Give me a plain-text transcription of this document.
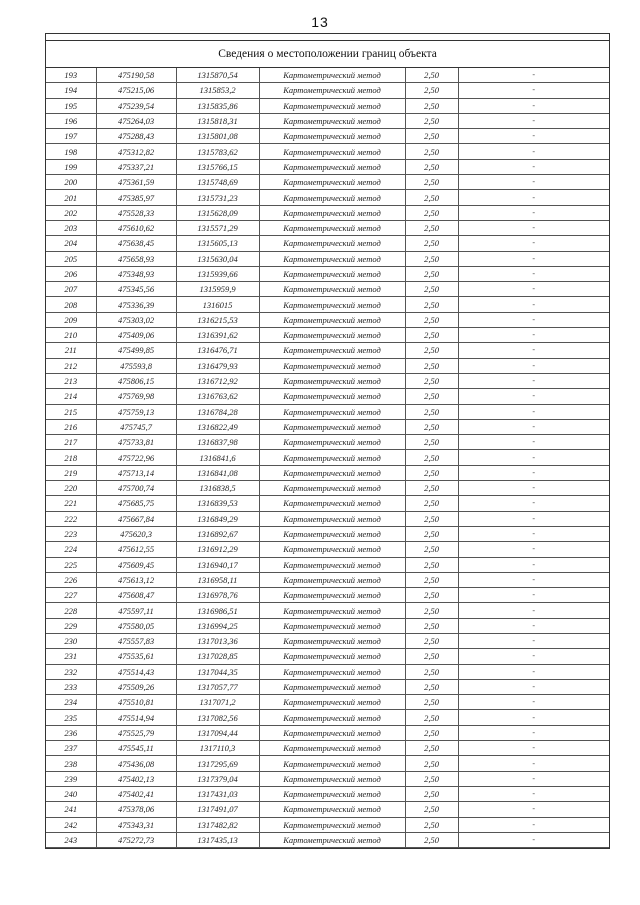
13
Сведения о местоположении границ объекта
193	475190,58	1315870,54	Картометрический метод	2,50	-
194	475215,06	1315853,2	Картометрический метод	2,50	-
195	475239,54	1315835,86	Картометрический метод	2,50	-
196	475264,03	1315818,31	Картометрический метод	2,50	-
197	475288,43	1315801,08	Картометрический метод	2,50	-
198	475312,82	1315783,62	Картометрический метод	2,50	-
199	475337,21	1315766,15	Картометрический метод	2,50	-
200	475361,59	1315748,69	Картометрический метод	2,50	-
201	475385,97	1315731,23	Картометрический метод	2,50	-
202	475528,33	1315628,09	Картометрический метод	2,50	-
203	475610,62	1315571,29	Картометрический метод	2,50	-
204	475638,45	1315605,13	Картометрический метод	2,50	-
205	475658,93	1315630,04	Картометрический метод	2,50	-
206	475348,93	1315939,66	Картометрический метод	2,50	-
207	475345,56	1315959,9	Картометрический метод	2,50	-
208	475336,39	1316015	Картометрический метод	2,50	-
209	475303,02	1316215,53	Картометрический метод	2,50	-
210	475409,06	1316391,62	Картометрический метод	2,50	-
211	475499,85	1316476,71	Картометрический метод	2,50	-
212	475593,8	1316479,93	Картометрический метод	2,50	-
213	475806,15	1316712,92	Картометрический метод	2,50	-
214	475769,98	1316763,62	Картометрический метод	2,50	-
215	475759,13	1316784,28	Картометрический метод	2,50	-
216	475745,7	1316822,49	Картометрический метод	2,50	-
217	475733,81	1316837,98	Картометрический метод	2,50	-
218	475722,96	1316841,6	Картометрический метод	2,50	-
219	475713,14	1316841,08	Картометрический метод	2,50	-
220	475700,74	1316838,5	Картометрический метод	2,50	-
221	475685,75	1316839,53	Картометрический метод	2,50	-
222	475667,84	1316849,29	Картометрический метод	2,50	-
223	475620,3	1316892,67	Картометрический метод	2,50	-
224	475612,55	1316912,29	Картометрический метод	2,50	-
225	475609,45	1316940,17	Картометрический метод	2,50	-
226	475613,12	1316958,11	Картометрический метод	2,50	-
227	475608,47	1316978,76	Картометрический метод	2,50	-
228	475597,11	1316986,51	Картометрический метод	2,50	-
229	475580,05	1316994,25	Картометрический метод	2,50	-
230	475557,83	1317013,36	Картометрический метод	2,50	-
231	475535,61	1317028,85	Картометрический метод	2,50	-
232	475514,43	1317044,35	Картометрический метод	2,50	-
233	475509,26	1317057,77	Картометрический метод	2,50	-
234	475510,81	1317071,2	Картометрический метод	2,50	-
235	475514,94	1317082,56	Картометрический метод	2,50	-
236	475525,79	1317094,44	Картометрический метод	2,50	-
237	475545,11	1317110,3	Картометрический метод	2,50	-
238	475436,08	1317295,69	Картометрический метод	2,50	-
239	475402,13	1317379,04	Картометрический метод	2,50	-
240	475402,41	1317431,03	Картометрический метод	2,50	-
241	475378,06	1317491,07	Картометрический метод	2,50	-
242	475343,31	1317482,82	Картометрический метод	2,50	-
243	475272,73	1317435,13	Картометрический метод	2,50	-
